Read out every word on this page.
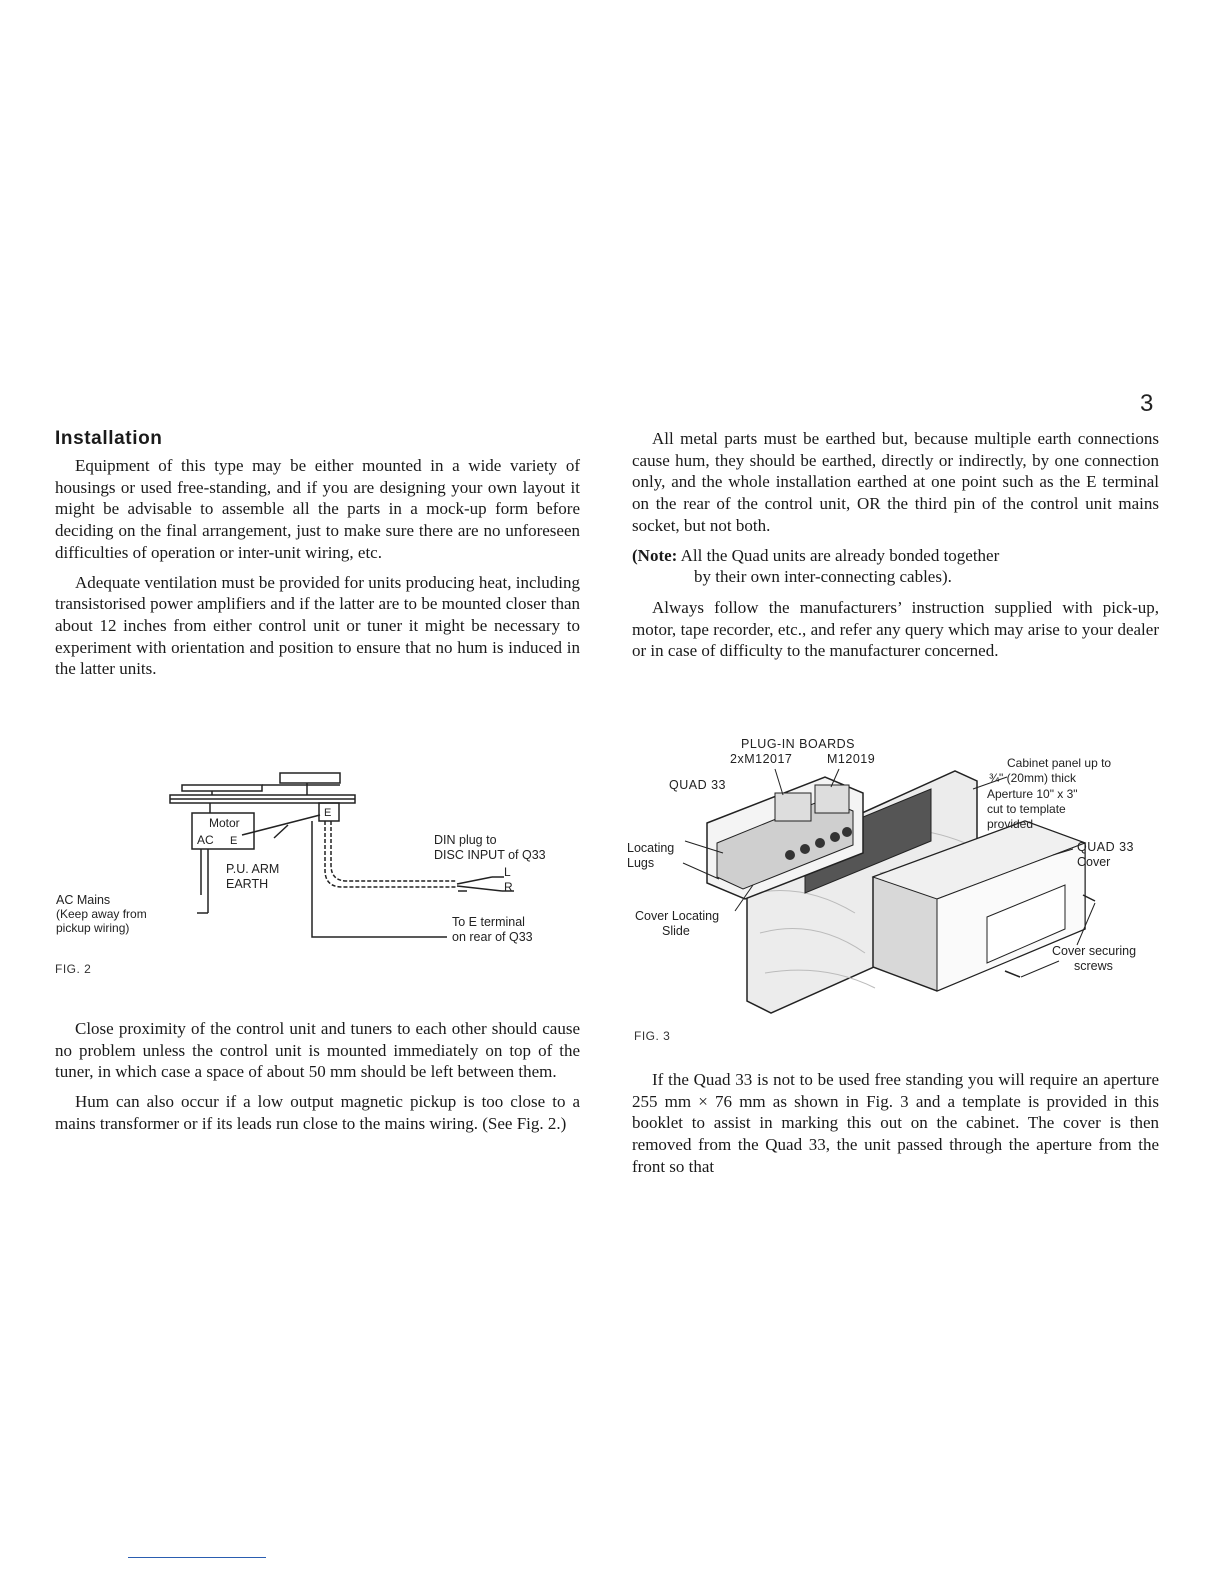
3
Installation

Equipment of this type may be either mounted in a wide variety of housings or used free-standing, and if you are designing your own layout it might be advisable to assemble all the parts in a mock-up form before deciding on the final arrangement, just to make sure there are no unforeseen difficulties of operation or inter-unit wiring, etc.

Adequate ventilation must be provided for units producing heat, including transistorised power amplifiers and if the latter are to be mounted closer than about 12 inches from either control unit or tuner it might be necessary to experiment with orientation and position to ensure that no hum is induced in the latter units.

Motor
AC E
E
P.U. ARM
EARTH
AC Mains
(Keep away from
pickup wiring)
DIN plug to
DISC INPUT of Q33
L
R
To E terminal
on rear of Q33
FIG. 2

Close proximity of the control unit and tuners to each other should cause no problem unless the control unit is mounted immediately on top of the tuner, in which case a space of about 50 mm should be left between them.

Hum can also occur if a low output magnetic pickup is too close to a mains transformer or if its leads run close to the mains wiring. (See Fig. 2.)

All metal parts must be earthed but, because multiple earth connections cause hum, they should be earthed, directly or indirectly, by one connection only, and the whole installation earthed at one point such as the E terminal on the rear of the control unit, OR the third pin of the control unit mains socket, but not both.

(Note: All the Quad units are already bonded together
by their own inter-connecting cables).

Always follow the manufacturers’ instruction supplied with pick-up, motor, tape recorder, etc., and refer any query which may arise to your dealer or in case of difficulty to the manufacturer concerned.

PLUG-IN BOARDS
2xM12017	M12019
QUAD 33
Locating
Lugs
Cover Locating
Slide
Cabinet panel up to
¾" (20mm) thick
Aperture 10" x 3"
cut to template
provided
QUAD 33
Cover
Cover securing
screws
FIG. 3

If the Quad 33 is not to be used free standing you will require an aperture 255 mm × 76 mm as shown in Fig. 3 and a template is provided in this booklet to assist in marking this out on the cabinet. The cover is then removed from the Quad 33, the unit passed through the aperture from the front so that
